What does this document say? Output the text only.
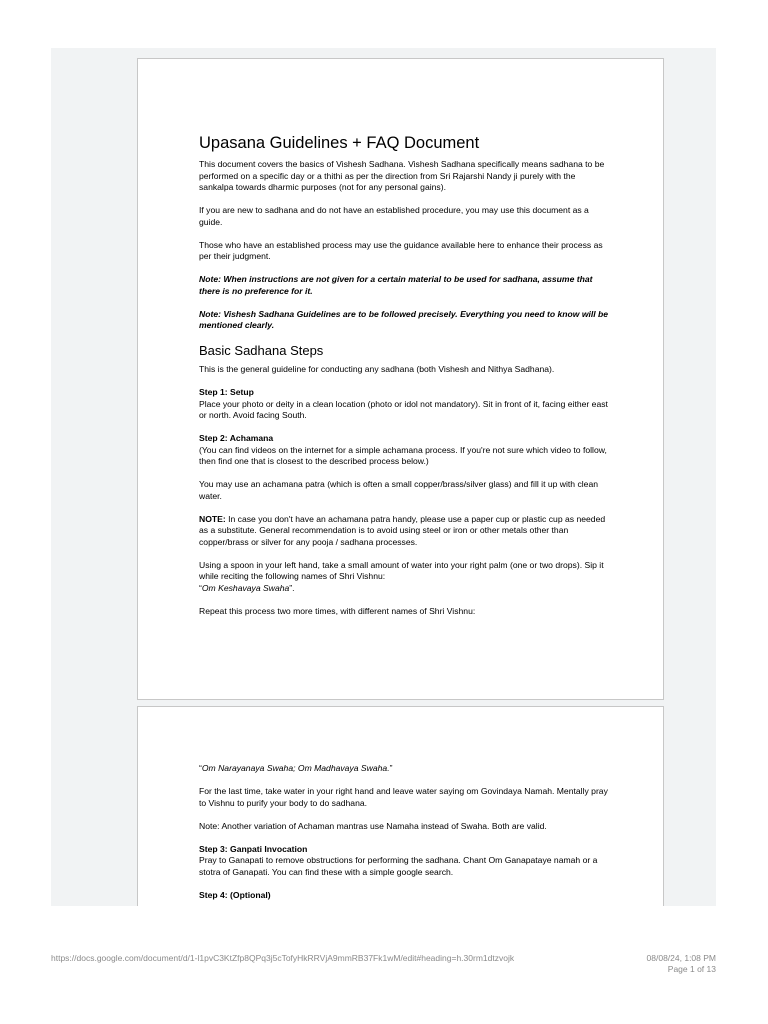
Upasana Guidelines + FAQ Document

This document covers the basics of Vishesh Sadhana. Vishesh Sadhana specifically means sadhana to be performed on a specific day or a thithi as per the direction from Sri Rajarshi Nandy ji purely with the sankalpa towards dharmic purposes (not for any personal gains).

If you are new to sadhana and do not have an established procedure, you may use this document as a guide.

Those who have an established process may use the guidance available here to enhance their process as per their judgment.

Note: When instructions are not given for a certain material to be used for sadhana, assume that there is no preference for it.

Note: Vishesh Sadhana Guidelines are to be followed precisely. Everything you need to know will be mentioned clearly.

Basic Sadhana Steps

This is the general guideline for conducting any sadhana (both Vishesh and Nithya Sadhana).

Step 1: Setup
Place your photo or deity in a clean location (photo or idol not mandatory). Sit in front of it, facing either east or north. Avoid facing South.

Step 2: Achamana
(You can find videos on the internet for a simple achamana process. If you're not sure which video to follow, then find one that is closest to the described process below.)

You may use an achamana patra (which is often a small copper/brass/silver glass) and fill it up with clean water.

NOTE: In case you don't have an achamana patra handy, please use a paper cup or plastic cup as needed as a substitute. General recommendation is to avoid using steel or iron or other metals other than copper/brass or silver for any pooja / sadhana processes.

Using a spoon in your left hand, take a small amount of water into your right palm (one or two drops). Sip it while reciting the following names of Shri Vishnu:
“Om Keshavaya Swaha”.

Repeat this process two more times, with different names of Shri Vishnu:

“Om Narayanaya Swaha; Om Madhavaya Swaha.”

For the last time, take water in your right hand and leave water saying om Govindaya Namah. Mentally pray to Vishnu to purify your body to do sadhana.

Note: Another variation of Achaman mantras use Namaha instead of Swaha. Both are valid.

Step 3: Ganpati Invocation
Pray to Ganapati to remove obstructions for performing the sadhana. Chant Om Ganapataye namah or a stotra of Ganapati. You can find these with a simple google search.

Step 4: (Optional)

https://docs.google.com/document/d/1-l1pvC3KtZfp8QPq3j5cTofyHkRRVjA9mmRB37Fk1wM/edit#heading=h.30rm1dtzvojk	08/08/24, 1:08 PM
Page 1 of 13
